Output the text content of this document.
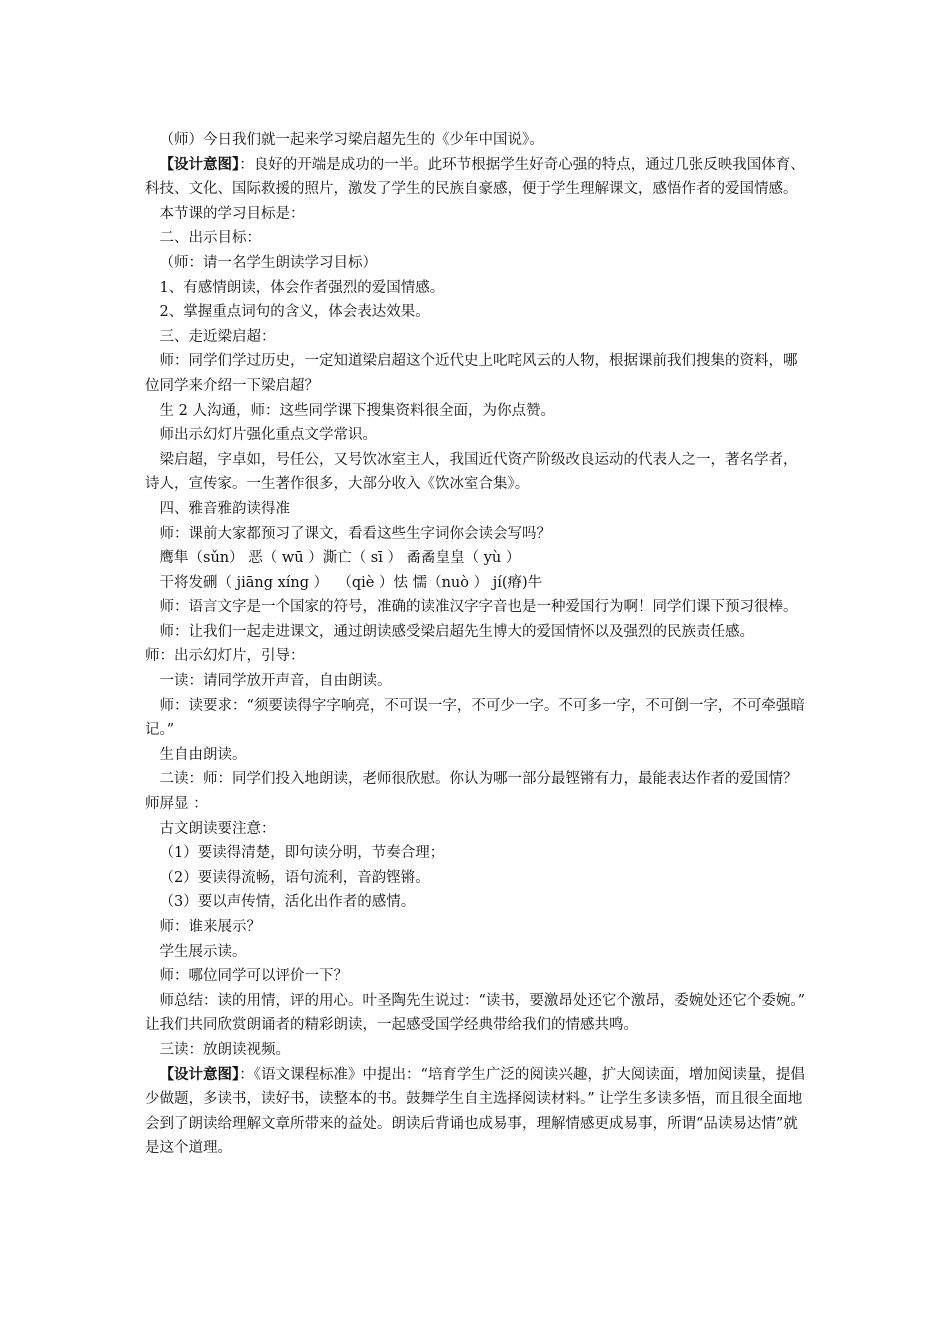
（师）今日我们就一起来学习梁启超先生的《少年中国说》。

【设计意图】：良好的开端是成功的一半。此环节根据学生好奇心强的特点，通过几张反映我国体育、科技、文化、国际救援的照片，激发了学生的民族自豪感，便于学生理解课文，感悟作者的爱国情感。

本节课的学习目标是：

二、出示目标：

（师：请一名学生朗读学习目标）

1、有感情朗读，体会作者强烈的爱国情感。

2、掌握重点词句的含义，体会表达效果。

三、走近梁启超：

师：同学们学过历史，一定知道梁启超这个近代史上叱咤风云的人物，根据课前我们搜集的资料，哪位同学来介绍一下梁启超？

生 2 人沟通，师：这些同学课下搜集资料很全面，为你点赞。

师出示幻灯片强化重点文学常识。

梁启超，字卓如，号任公，又号饮冰室主人，我国近代资产阶级改良运动的代表人之一，著名学者，诗人，宣传家。一生著作很多，大部分收入《饮冰室合集》。

四、雅音雅韵读得准

师：课前大家都预习了课文，看看这些生字词你会读会写吗？

鹰隼（sǔn） 恶（ wū ）澌亡（ sī ） 矞矞皇皇（ yù ）

干将发硎（ jiāng xíng ）  （qiè ）怯 懦（nuò ） jí(瘠)牛

师：语言文字是一个国家的符号，准确的读准汉字字音也是一种爱国行为啊！同学们课下预习很棒。

师：让我们一起走进课文，通过朗读感受梁启超先生博大的爱国情怀以及强烈的民族责任感。

师：出示幻灯片，引导：

一读：请同学放开声音，自由朗读。

师：读要求：“须要读得字字响亮，不可误一字，不可少一字。不可多一字，不可倒一字，不可牵强暗记。”

生自由朗读。

二读：师：同学们投入地朗读，老师很欣慰。你认为哪一部分最铿锵有力，最能表达作者的爱国情？师屏显 ：

古文朗读要注意：

（1）要读得清楚，即句读分明，节奏合理；

（2）要读得流畅，语句流利，音韵铿锵。

（3）要以声传情，活化出作者的感情。

师：谁来展示？

学生展示读。

师：哪位同学可以评价一下？

师总结：读的用情，评的用心。叶圣陶先生说过：“读书，要激昂处还它个激昂，委婉处还它个委婉。” 让我们共同欣赏朗诵者的精彩朗读，一起感受国学经典带给我们的情感共鸣。

三读：放朗读视频。

【设计意图】：《语文课程标准》中提出：“培育学生广泛的阅读兴趣，扩大阅读面，增加阅读量，提倡少做题，多读书，读好书，读整本的书。鼓舞学生自主选择阅读材料。” 让学生多读多悟，而且很全面地会到了朗读给理解文章所带来的益处。朗读后背诵也成易事，理解情感更成易事，所谓“品读易达情”就是这个道理。
